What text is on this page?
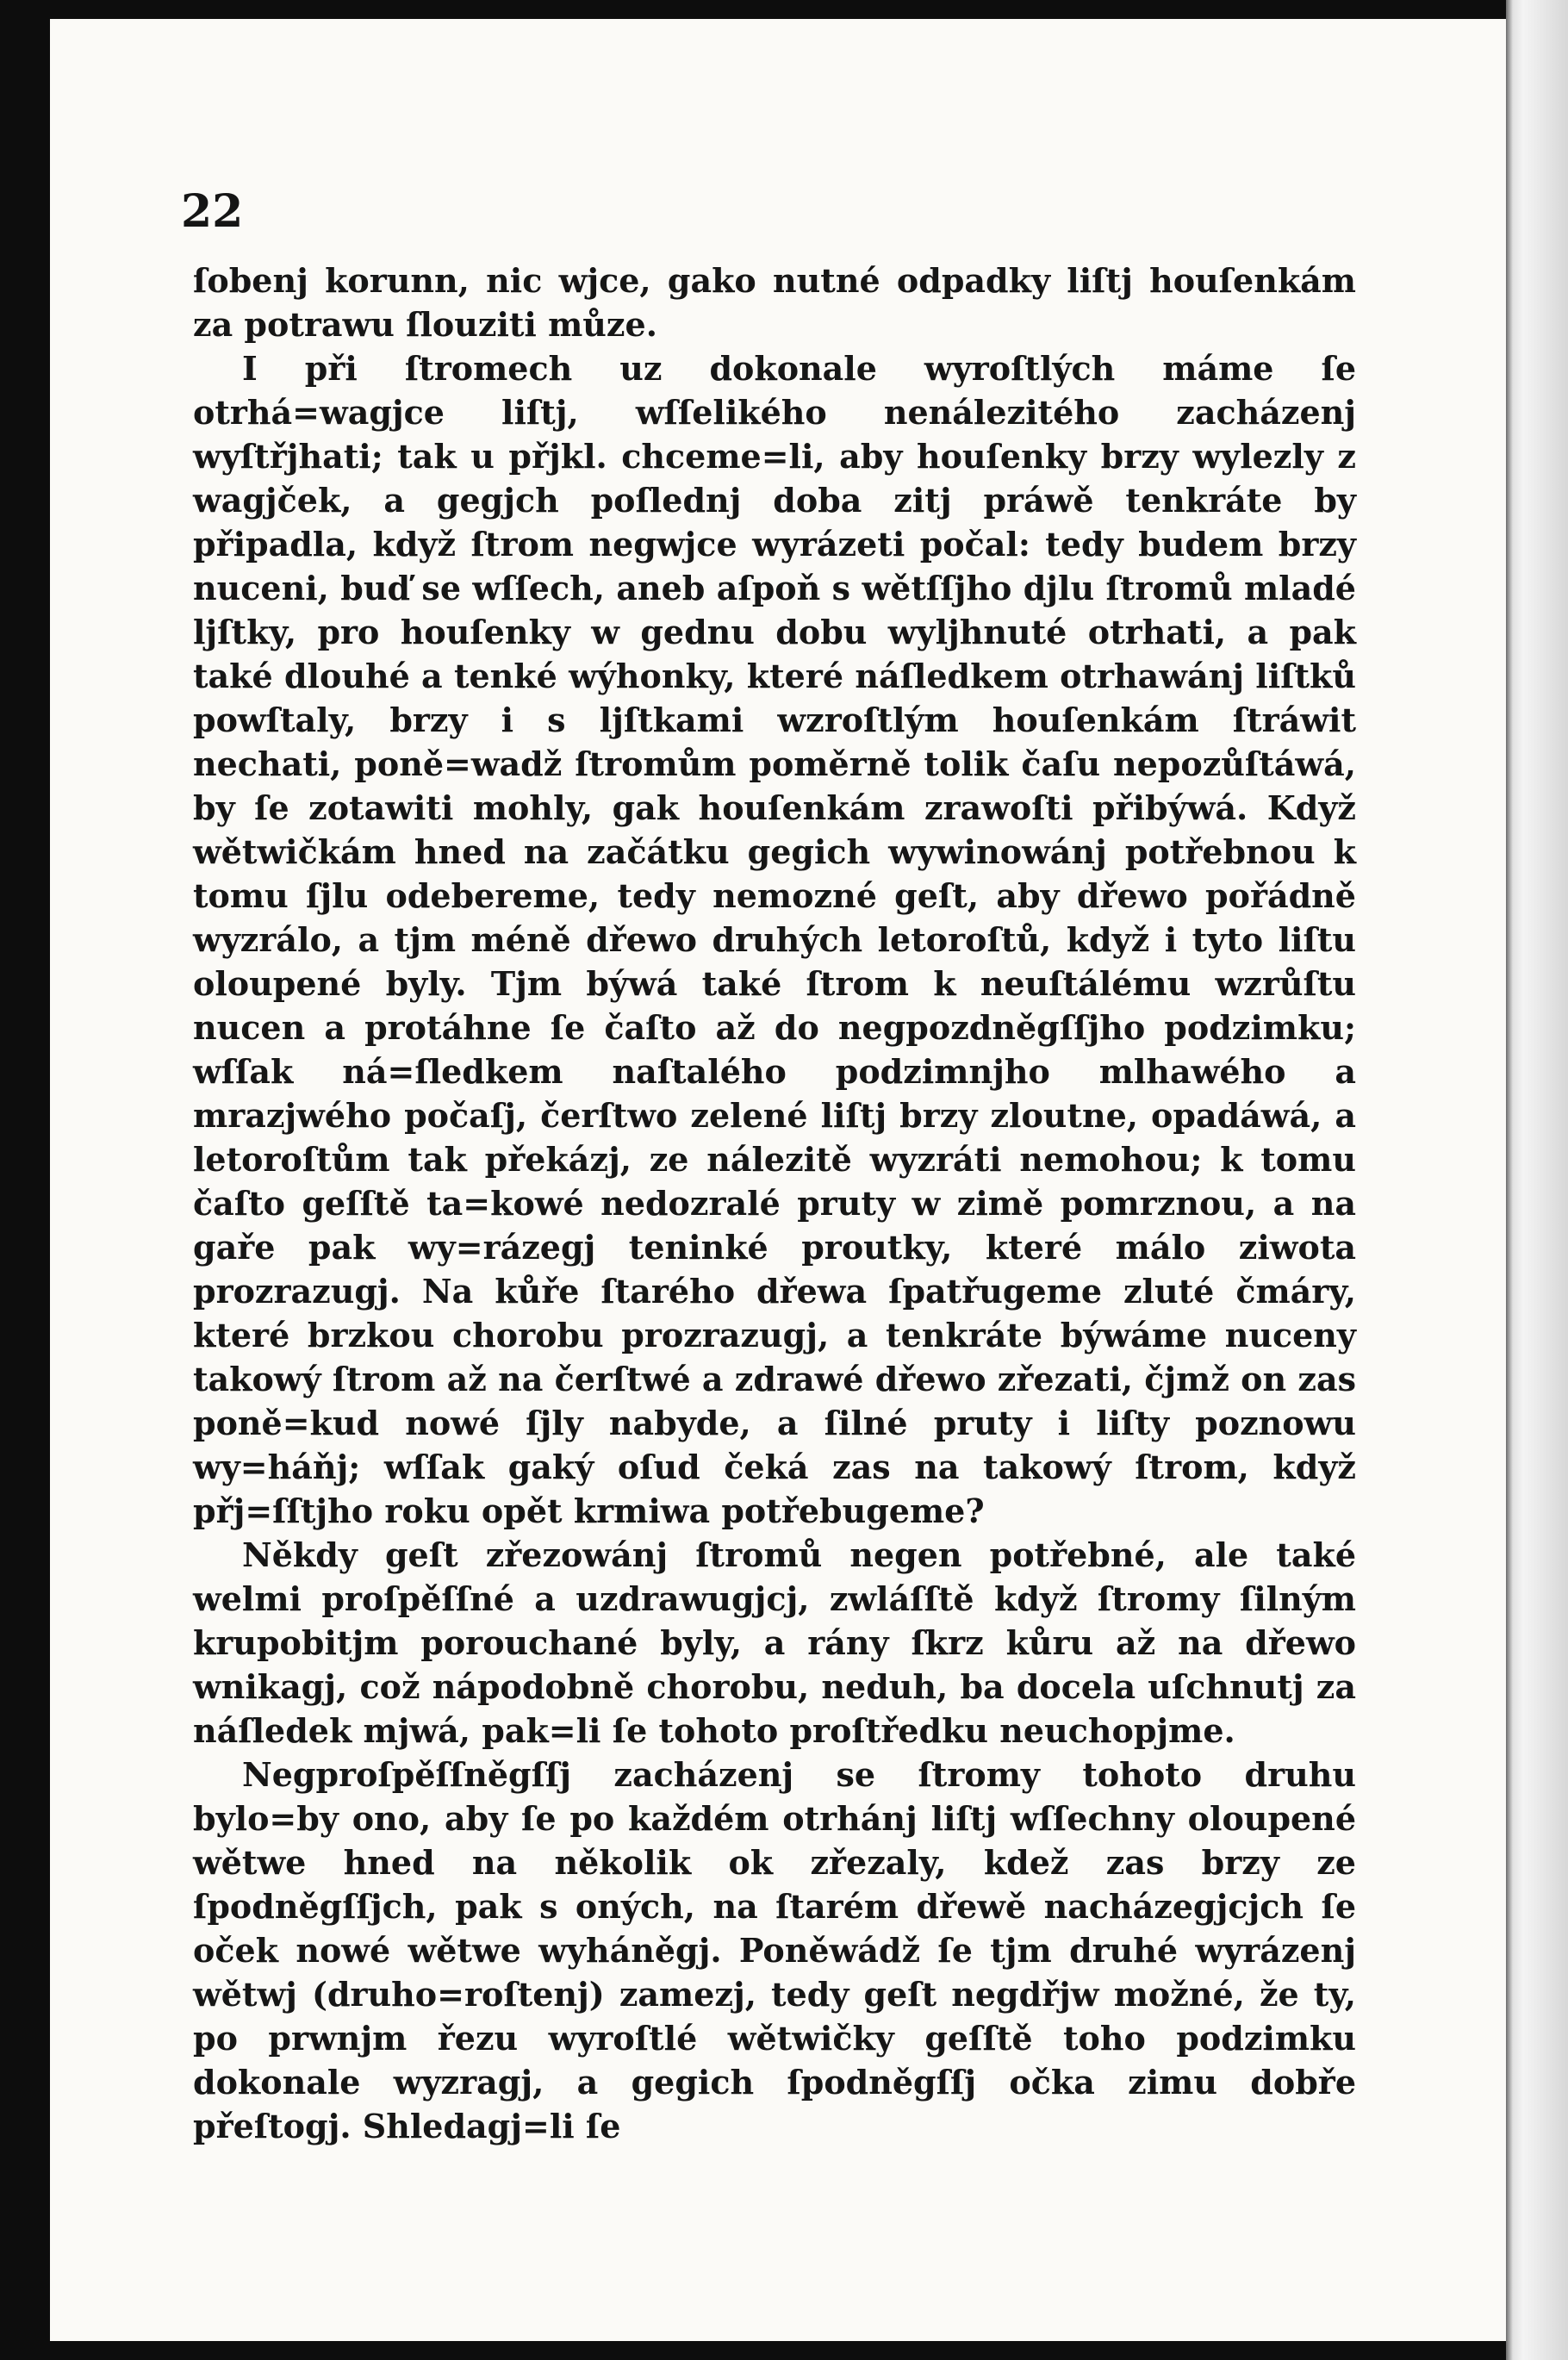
22

ſobenj korunn, nic wjce, gako nutné odpadky liſtj houſenkám za potrawu ſlouziti můze.

I při ſtromech uz dokonale wyroſtlých máme ſe otrhá=wagjce liſtj, wſſelikého nenálezitého zacházenj wyſtřjhati; tak u přjkl. chceme=li, aby houſenky brzy wylezly z wagjček, a gegjch poſlednj doba zitj práwě tenkráte by připadla, když ſtrom negwjce wyrázeti počal: tedy budem brzy nuceni, buď se wſſech, aneb aſpoň s wětſſjho djlu ſtromů mladé ljſtky, pro houſenky w gednu dobu wylјhnuté otrhati, a pak také dlouhé a tenké wýhonky, které náſledkem otrhawánj liſtků powſtaly, brzy i s ljſtkami wzroſtlým houſenkám ſtráwit nechati, poně=wadž ſtromům poměrně tolik čaſu nepozůſtáwá, by ſe zotawiti mohly, gak houſenkám zrawoſti přibýwá. Když wětwičkám hned na začátku gegich wywinowánj potřebnou k tomu ſjlu odebereme, tedy nemozné geſt, aby dřewo pořádně wyzrálo, a tjm méně dřewo druhých letoroſtů, když i tyto liſtu oloupené byly. Tjm býwá také ſtrom k neuſtálému wzrůſtu nucen a protáhne ſe čaſto až do negpozdněgſſjho podzimku; wſſak ná=ſledkem naſtalého podzimnjho mlhawého a mrazjwého počaſj, čerſtwo zelené liſtj brzy zloutne, opadáwá, a letoroſtům tak překázj, ze nálezitě wyzráti nemohou; k tomu čaſto geſſtě ta=kowé nedozralé pruty w zimě pomrznou, a na gaře pak wy=rázegj teninké proutky, které málo ziwota prozrazugj. Na kůře ſtarého dřewa ſpatřugeme zluté čmáry, které brzkou chorobu prozrazugj, a tenkráte býwáme nuceny takowý ſtrom až na čerſtwé a zdrawé dřewo zřezati, čjmž on zas poně=kud nowé ſjly nabyde, a ſilné pruty i liſty poznowu wy=háňj; wſſak gaký oſud čeká zas na takowý ſtrom, když přj=ſſtjho roku opět krmiwa potřebugeme?

Někdy geſt zřezowánj ſtromů negen potřebné, ale také welmi proſpěſſné a uzdrawugjcj, zwláſſtě když ſtromy ſilným krupobitjm porouchané byly, a rány ſkrz kůru až na dřewo wnikagj, což nápodobně chorobu, neduh, ba docela uſchnutj za náſledek mjwá, pak=li ſe tohoto proſtředku neuchopjme.

Negproſpěſſněgſſj zacházenj se ſtromy tohoto druhu bylo=by ono, aby ſe po každém otrhánj liſtj wſſechny oloupené wětwe hned na několik ok zřezaly, kdež zas brzy ze ſpodněgſſjch, pak s oných, na ſtarém dřewě nacházegjcjch ſe oček nowé wětwe wyháněgj. Poněwádž ſe tjm druhé wyrázenj wětwj (druho=roſtenj) zamezj, tedy geſt negdřjw možné, že ty, po prwnjm řezu wyroſtlé wětwičky geſſtě toho podzimku dokonale wyzragj, a gegich ſpodněgſſj očka zimu dobře přeſtogj. Shledagj=li ſe
